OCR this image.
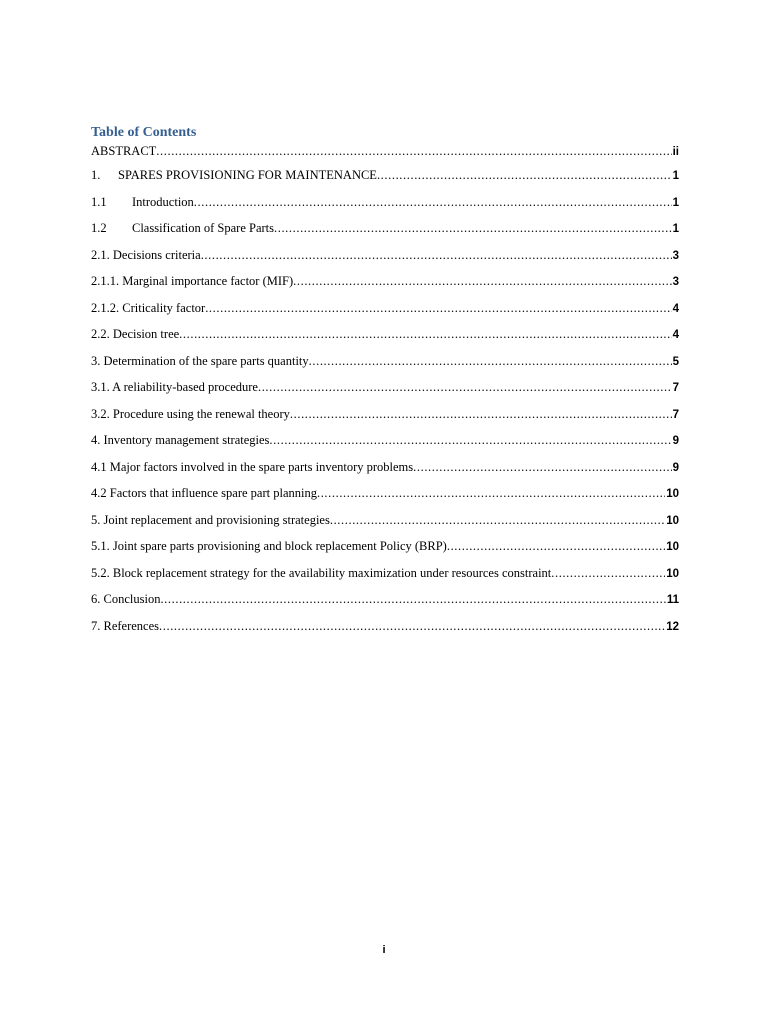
Table of Contents
ABSTRACT .....	ii
1.	SPARES PROVISIONING FOR MAINTENANCE .....	1
1.1	Introduction .....	1
1.2	Classification of Spare Parts .....	1
2.1. Decisions criteria .....	3
2.1.1. Marginal importance factor (MIF) .....	3
2.1.2. Criticality factor .....	4
2.2. Decision tree .....	4
3. Determination of the spare parts quantity .....	5
3.1. A reliability-based procedure .....	7
3.2. Procedure using the renewal theory .....	7
4. Inventory management strategies .....	9
4.1 Major factors involved in the spare parts inventory problems .....	9
4.2 Factors that influence spare part planning .....	10
5. Joint replacement and provisioning strategies .....	10
5.1. Joint spare parts provisioning and block replacement Policy (BRP) .....	10
5.2. Block replacement strategy for the availability maximization under resources constraint .....	10
6. Conclusion .....	11
7. References .....	12
i
